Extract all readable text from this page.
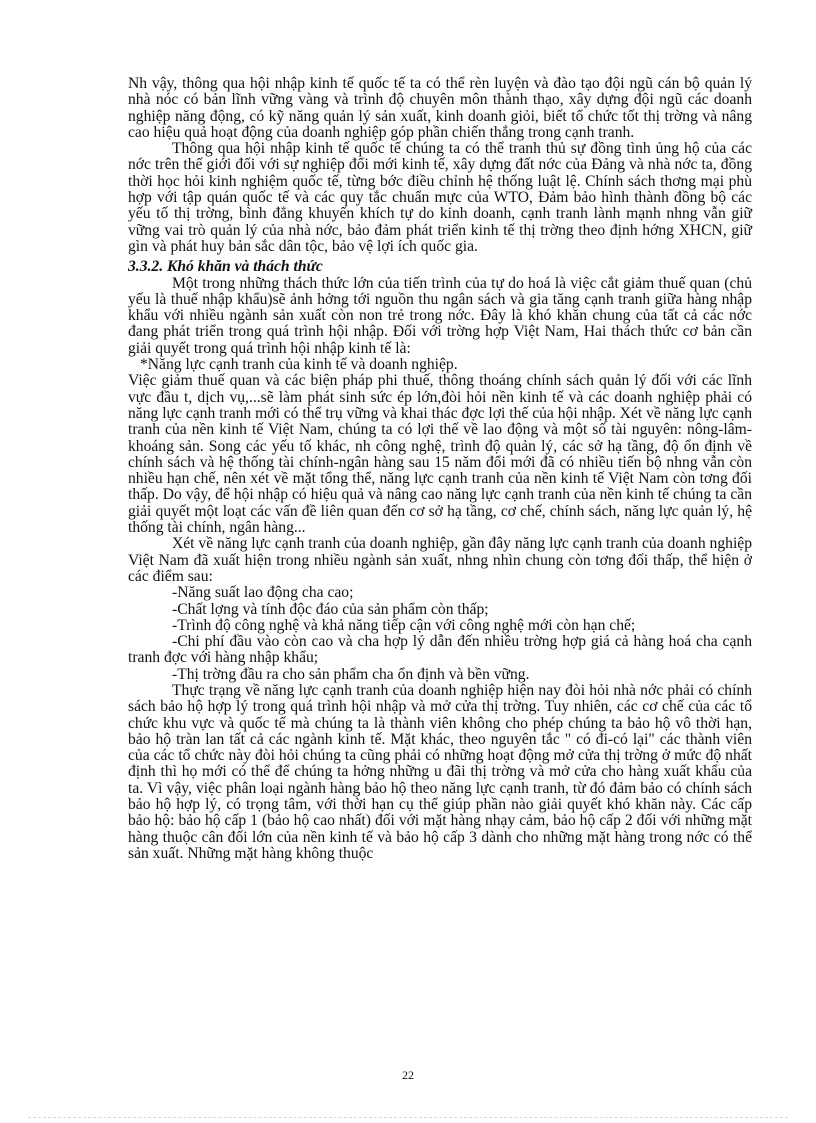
Nh vậy, thông qua hội nhập kinh tế quốc tế ta có thể rèn luyện và đào tạo đội ngũ cán bộ quản lý nhà nóc có bản lĩnh vững vàng và trình độ chuyên môn thành thạo, xây dựng đội ngũ các doanh nghiệp năng động, có kỹ năng quản lý sản xuất, kinh doanh giỏi, biết tổ chức tốt thị trờng và nâng cao hiệu quả hoạt động của doanh nghiệp góp phần chiến thắng trong cạnh tranh.

Thông qua hội nhập kinh tế quốc tế chúng ta có thể tranh thủ sự đồng tình ủng hộ của các nớc trên thế giới đối với sự nghiệp đổi mới kinh tế, xây dựng đất nớc của Đảng và nhà nớc ta, đồng thời học hỏi kinh nghiệm quốc tế, từng bớc điều chỉnh hệ thống luật lệ. Chính sách thơng mại phù hợp với tập quán quốc tế và các quy tắc chuẩn mực của WTO, Đảm bảo hình thành đồng bộ các yếu tố thị trờng, bình đẳng khuyến khích tự do kinh doanh, cạnh tranh lành mạnh nhng vẫn giữ vững vai trò quản lý của nhà nớc, bảo đảm phát triển kinh tế thị trờng theo định hớng XHCN, giữ gìn và phát huy bản sắc dân tộc, bảo vệ lợi ích quốc gia.

3.3.2. Khó khăn và thách thức

Một trong những thách thức lớn của tiến trình của tự do hoá là việc cắt giảm thuế quan (chủ yếu là thuế nhập khẩu)sẽ ảnh hởng tới nguồn thu ngân sách và gia tăng cạnh tranh giữa hàng nhập khẩu với nhiều ngành sản xuất còn non trẻ trong nớc. Đây là khó khăn chung của tất cả các nớc đang phát triển trong quá trình hội nhập. Đối với trờng hợp Việt Nam, Hai thách thức cơ bản cần giải quyết trong quá trình hội nhập kinh tế là:

*Năng lực cạnh tranh của kinh tế và doanh nghiệp.

Việc giảm thuế quan và các biện pháp phi thuế, thông thoáng chính sách quản lý đối với các lĩnh vực đầu t, dịch vụ,...sẽ làm phát sinh sức ép lớn,đòi hỏi nền kinh tế và các doanh nghiệp phải có năng lực cạnh tranh mới có thể trụ vững và khai thác đợc lợi thế của hội nhập. Xét về năng lực cạnh tranh của nền kinh tế Việt Nam, chúng ta có lợi thế về lao động và một số tài nguyên: nông-lâm-khoáng sản. Song các yếu tố khác, nh công nghệ, trình độ quản lý, các sở hạ tầng, độ ổn định về chính sách và hệ thống tài chính-ngân hàng sau 15 năm đổi mới đã có nhiều tiến bộ nhng vẫn còn nhiều hạn chế, nên xét về mặt tổng thể, năng lực cạnh tranh của nền kinh tế Việt Nam còn tơng đối thấp. Do vậy, để hội nhập có hiệu quả và nâng cao năng lực cạnh tranh của nền kinh tế chúng ta cần giải quyết một loạt các vấn đề liên quan đến cơ sở hạ tầng, cơ chế, chính sách, năng lực quản lý, hệ thống tài chính, ngân hàng...

Xét về năng lực cạnh tranh của doanh nghiệp, gần đây năng lực cạnh tranh của doanh nghiệp Việt Nam đã xuất hiện trong nhiều ngành sản xuất, nhng nhìn chung còn tơng đối thấp, thể hiện ở các điểm sau:

-Năng suất lao động cha cao;

-Chất lợng và tính độc đáo của sản phẩm còn thấp;

-Trình độ công nghệ và khả năng tiếp cận với công nghệ mới còn hạn chế;

-Chi phí đầu vào còn cao và cha hợp lý dẫn đến nhiều trờng hợp giá cả hàng hoá cha cạnh tranh đợc với hàng nhập khẩu;

-Thị trờng đầu ra cho sản phẩm cha ổn định và bền vững.

Thực trạng về năng lực cạnh tranh của doanh nghiệp hiện nay đòi hỏi nhà nớc phải có chính sách bảo hộ hợp lý trong quá trình hội nhập và mở cửa thị trờng. Tuy nhiên, các cơ chế của các tổ chức khu vực và quốc tế mà chúng ta là thành viên không cho phép chúng ta bảo hộ vô thời hạn, bảo hộ tràn lan tất cả các ngành kinh tế. Mặt khác, theo nguyên tắc " có đi-có lại" các thành viên của các tổ chức này đòi hỏi chúng ta cũng phải có những hoạt động mở cửa thị trờng ở mức độ nhất định thì họ mới có thể để chúng ta hởng những u đãi thị trờng và mở cửa cho hàng xuất khẩu của ta. Vì vậy, việc phân loại ngành hàng bảo hộ theo năng lực cạnh tranh, từ đó đảm bảo có chính sách bảo hộ hợp lý, có trọng tâm, với thời hạn cụ thể giúp phần nào giải quyết khó khăn này. Các cấp bảo hộ: bảo hộ cấp 1 (bảo hộ cao nhất) đối với mặt hàng nhạy cảm, bảo hộ cấp 2 đối với những mặt hàng thuộc cân đối lớn của nền kinh tế và bảo hộ cấp 3 dành cho những mặt hàng trong nớc có thể sản xuất. Những mặt hàng không thuộc

22
